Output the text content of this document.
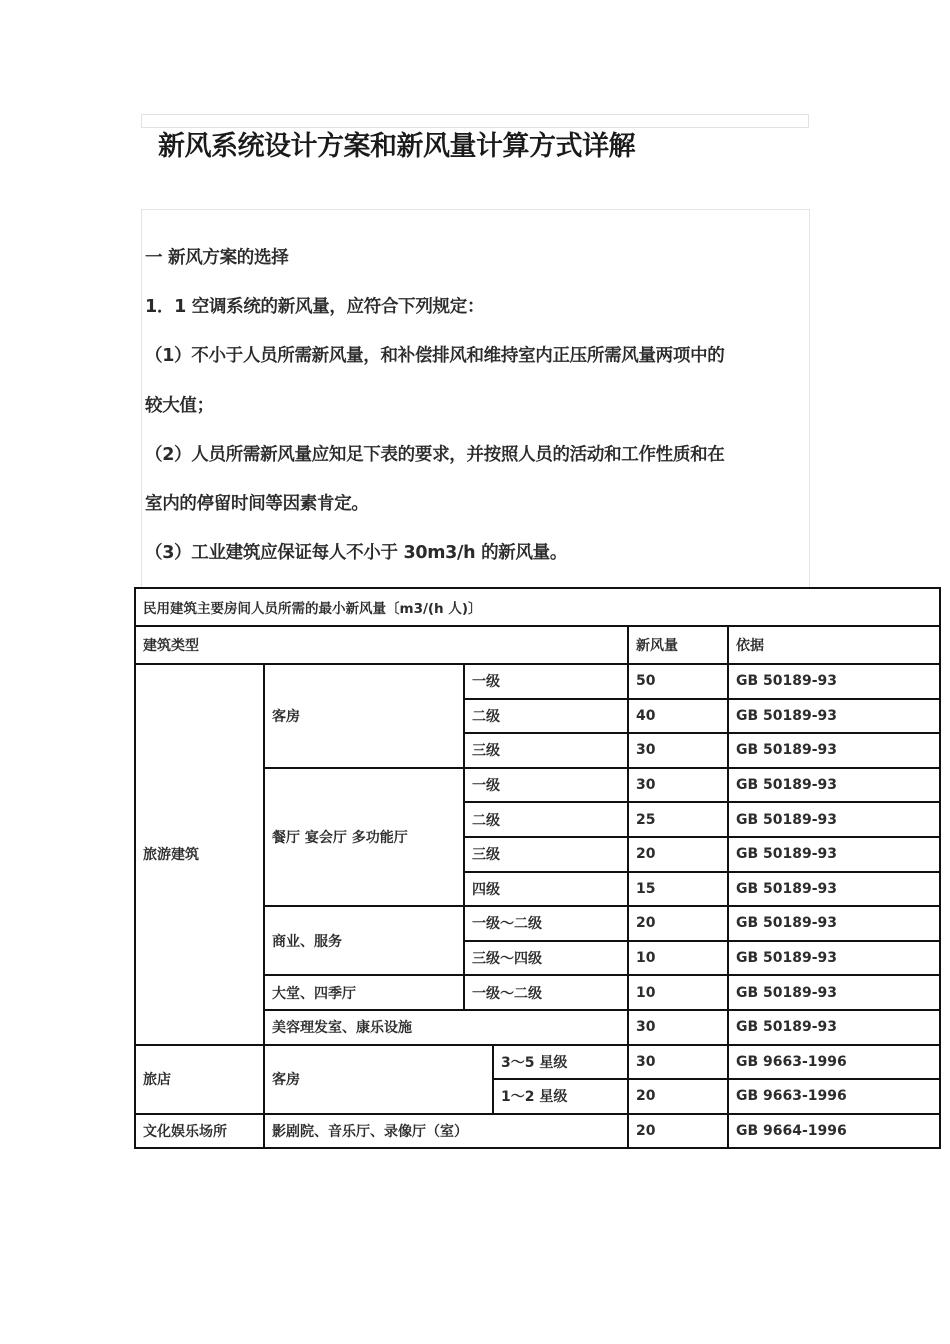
新风系统设计方案和新风量计算方式详解

一 新风方案的选择

1．1 空调系统的新风量，应符合下列规定：

（1）不小于人员所需新风量，和补偿排风和维持室内正压所需风量两项中的

较大值；

（2）人员所需新风量应知足下表的要求，并按照人员的活动和工作性质和在

室内的停留时间等因素肯定。

（3）工业建筑应保证每人不小于 30m3/h 的新风量。

民用建筑主要房间人员所需的最小新风量〔m3/(h 人)〕					
建筑类型				新风量	依据
旅游建筑	客房	一级		50	GB 50189-93
		二级		40	GB 50189-93
		三级		30	GB 50189-93
	餐厅 宴会厅 多功能厅	一级		30	GB 50189-93
		二级		25	GB 50189-93
		三级		20	GB 50189-93
		四级		15	GB 50189-93
	商业、服务	一级～二级		20	GB 50189-93
		三级～四级		10	GB 50189-93
	大堂、四季厅	一级～二级		10	GB 50189-93
	美容理发室、康乐设施			30	GB 50189-93
旅店	客房		3～5 星级	30	GB 9663-1996
			1～2 星级	20	GB 9663-1996
文化娱乐场所	影剧院、音乐厅、录像厅（室）			20	GB 9664-1996
